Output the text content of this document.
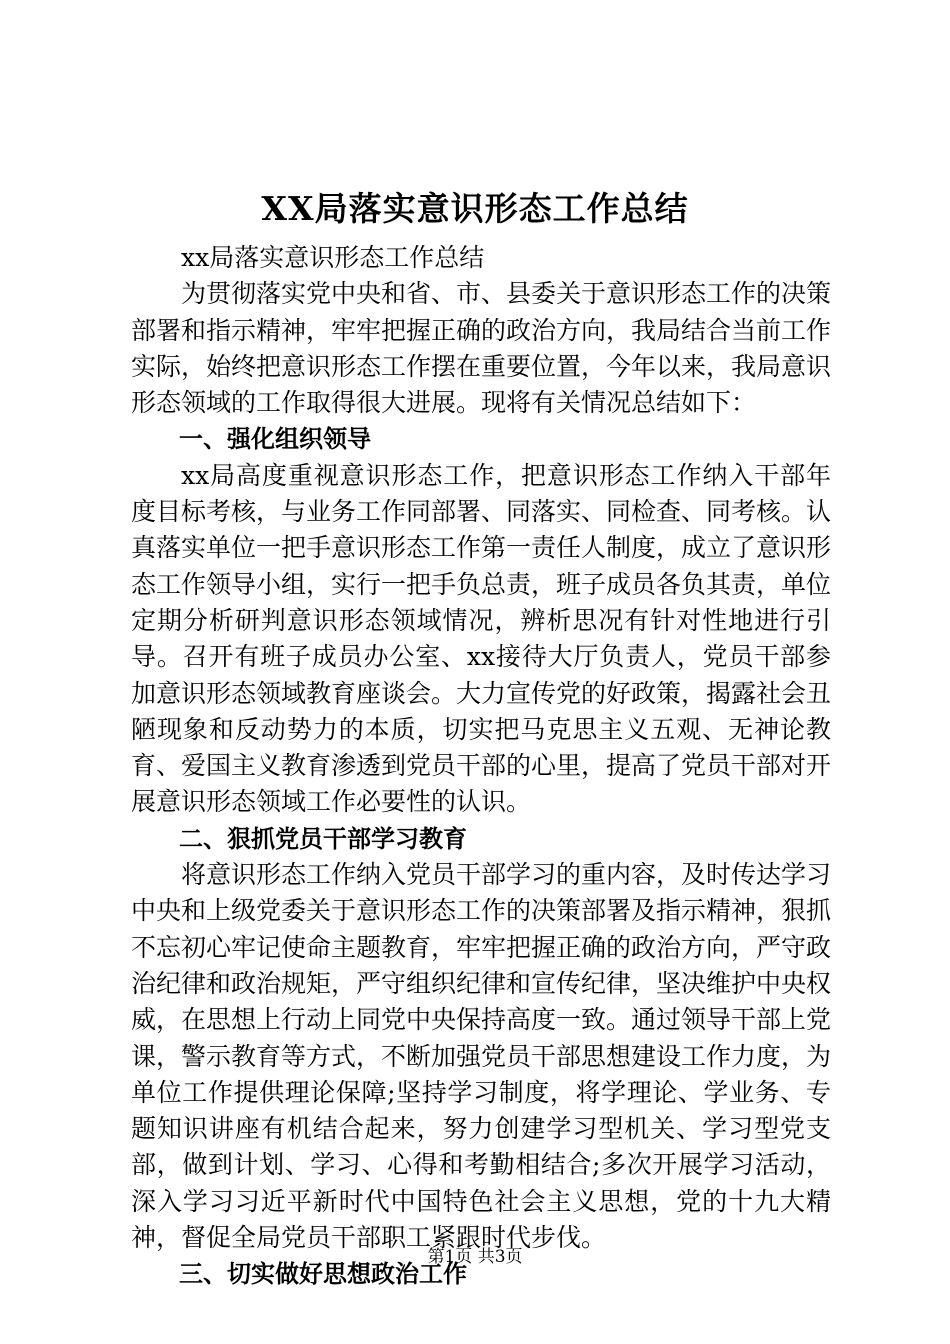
XX局落实意识形态工作总结

xx局落实意识形态工作总结

为贯彻落实党中央和省、市、县委关于意识形态工作的决策部署和指示精神，牢牢把握正确的政治方向，我局结合当前工作实际，始终把意识形态工作摆在重要位置，今年以来，我局意识形态领域的工作取得很大进展。现将有关情况总结如下：

一、强化组织领导

xx局高度重视意识形态工作，把意识形态工作纳入干部年度目标考核，与业务工作同部署、同落实、同检查、同考核。认真落实单位一把手意识形态工作第一责任人制度，成立了意识形态工作领导小组，实行一把手负总责，班子成员各负其责，单位定期分析研判意识形态领域情况，辨析思况有针对性地进行引导。召开有班子成员办公室、xx接待大厅负责人，党员干部参加意识形态领域教育座谈会。大力宣传党的好政策，揭露社会丑陋现象和反动势力的本质，切实把马克思主义五观、无神论教育、爱国主义教育渗透到党员干部的心里，提高了党员干部对开展意识形态领域工作必要性的认识。

二、狠抓党员干部学习教育

将意识形态工作纳入党员干部学习的重内容，及时传达学习中央和上级党委关于意识形态工作的决策部署及指示精神，狠抓不忘初心牢记使命主题教育，牢牢把握正确的政治方向，严守政治纪律和政治规矩，严守组织纪律和宣传纪律，坚决维护中央权威，在思想上行动上同党中央保持高度一致。通过领导干部上党课，警示教育等方式，不断加强党员干部思想建设工作力度，为单位工作提供理论保障;坚持学习制度，将学理论、学业务、专题知识讲座有机结合起来，努力创建学习型机关、学习型党支部，做到计划、学习、心得和考勤相结合;多次开展学习活动，深入学习习近平新时代中国特色社会主义思想，党的十九大精神，督促全局党员干部职工紧跟时代步伐。

三、切实做好思想政治工作

第1页 共3页
